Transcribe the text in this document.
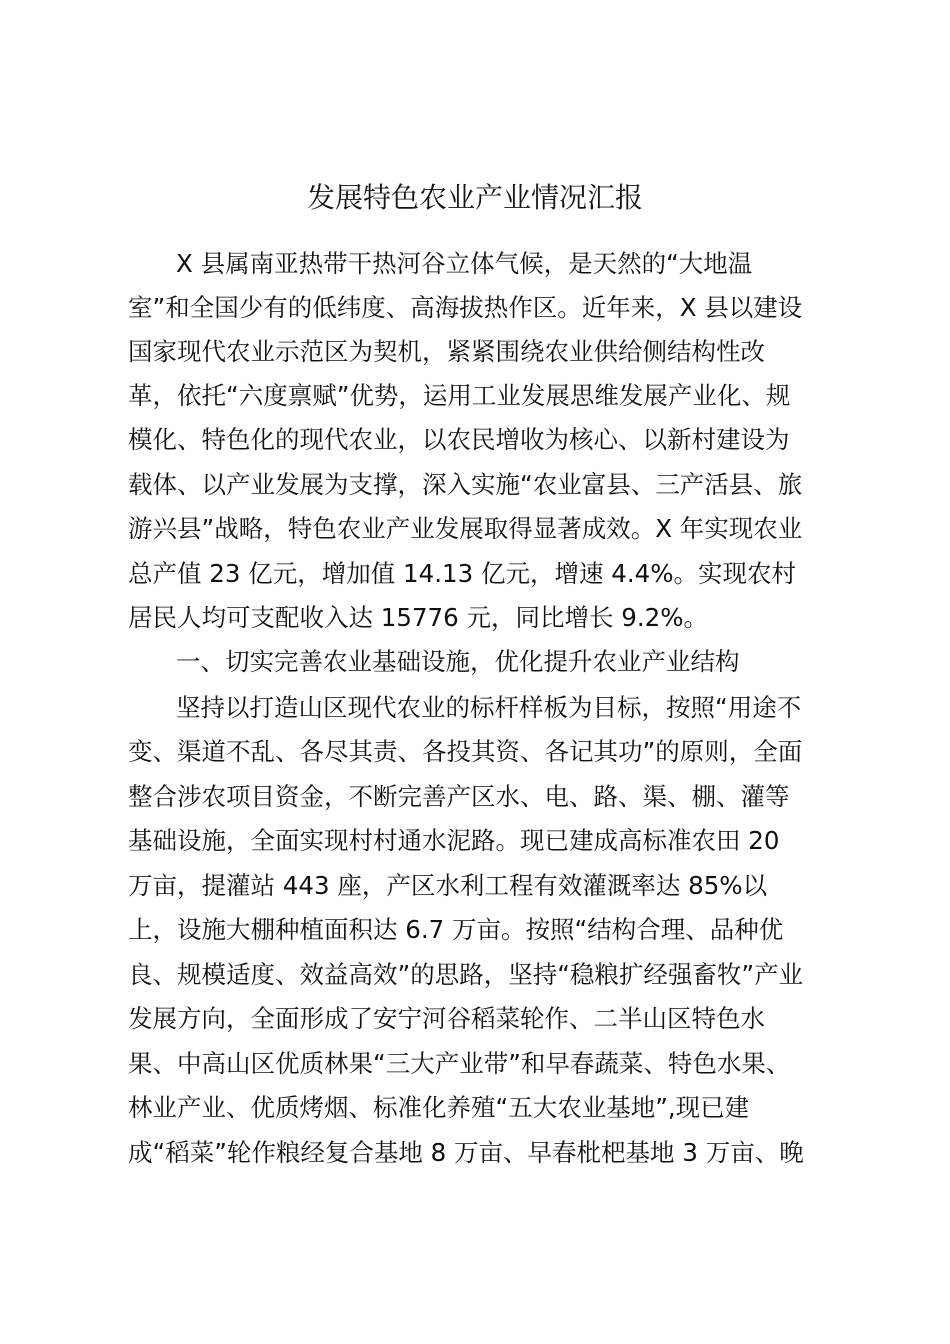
发展特色农业产业情况汇报
X 县属南亚热带干热河谷立体气候，是天然的“大地温
室”和全国少有的低纬度、高海拔热作区。近年来，X 县以建设
国家现代农业示范区为契机，紧紧围绕农业供给侧结构性改
革，依托“六度禀赋”优势，运用工业发展思维发展产业化、规
模化、特色化的现代农业，以农民增收为核心、以新村建设为
载体、以产业发展为支撑，深入实施“农业富县、三产活县、旅
游兴县”战略，特色农业产业发展取得显著成效。X 年实现农业
总产值 23 亿元，增加值 14.13 亿元，增速 4.4%。实现农村
居民人均可支配收入达 15776 元，同比增长 9.2%。
一、切实完善农业基础设施，优化提升农业产业结构
坚持以打造山区现代农业的标杆样板为目标，按照“用途不
变、渠道不乱、各尽其责、各投其资、各记其功”的原则，全面
整合涉农项目资金，不断完善产区水、电、路、渠、棚、灌等
基础设施，全面实现村村通水泥路。现已建成高标准农田 20
万亩，提灌站 443 座，产区水利工程有效灌溉率达 85%以
上，设施大棚种植面积达 6.7 万亩。按照“结构合理、品种优
良、规模适度、效益高效”的思路，坚持“稳粮扩经强畜牧”产业
发展方向，全面形成了安宁河谷稻菜轮作、二半山区特色水
果、中高山区优质林果“三大产业带”和早春蔬菜、特色水果、
林业产业、优质烤烟、标准化养殖“五大农业基地”,现已建
成“稻菜”轮作粮经复合基地 8 万亩、早春枇杷基地 3 万亩、晚
